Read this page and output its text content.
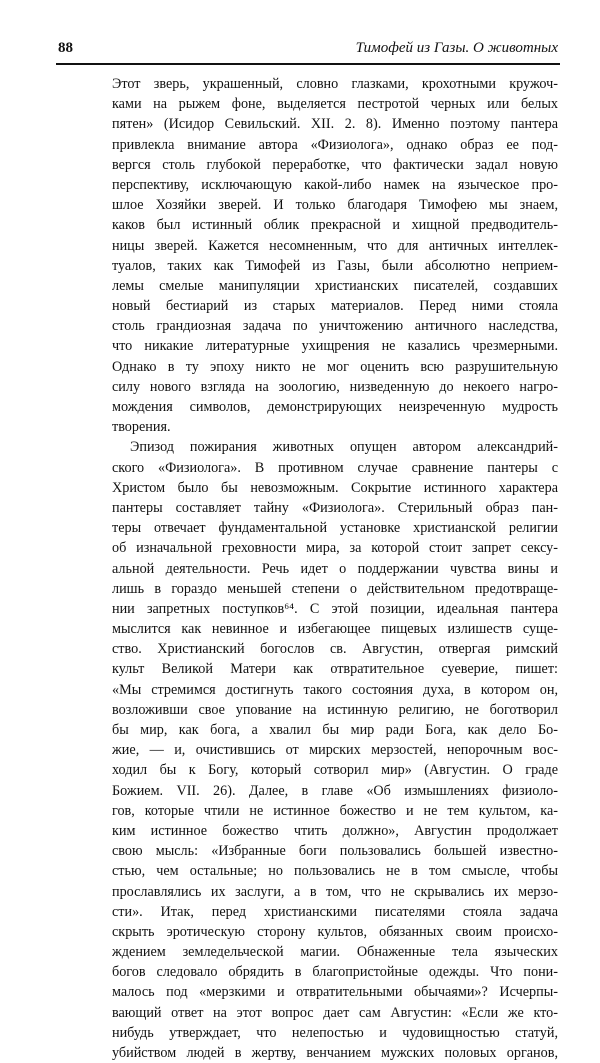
88	Тимофей из Газы. О животных
Этот зверь, украшенный, словно глазками, крохотными кружоч-
ками на рыжем фоне, выделяется пестротой черных или белых
пятен» (Исидор Севильский. XII. 2. 8). Именно поэтому пантера
привлекла внимание автора «Физиолога», однако образ ее под-
вергся столь глубокой переработке, что фактически задал новую
перспективу, исключающую какой-либо намек на языческое про-
шлое Хозяйки зверей. И только благодаря Тимофею мы знаем,
каков был истинный облик прекрасной и хищной предводитель-
ницы зверей. Кажется несомненным, что для античных интеллек-
туалов, таких как Тимофей из Газы, были абсолютно неприем-
лемы смелые манипуляции христианских писателей, создавших
новый бестиарий из старых материалов. Перед ними стояла
столь грандиозная задача по уничтожению античного наследства,
что никакие литературные ухищрения не казались чрезмерными.
Однако в ту эпоху никто не мог оценить всю разрушительную
силу нового взгляда на зоологию, низведенную до некоего нагро-
мождения символов, демонстрирующих неизреченную мудрость
творения.
Эпизод пожирания животных опущен автором александрий-
ского «Физиолога». В противном случае сравнение пантеры с
Христом было бы невозможным. Сокрытие истинного характера
пантеры составляет тайну «Физиолога». Стерильный образ пан-
теры отвечает фундаментальной установке христианской религии
об изначальной греховности мира, за которой стоит запрет сексу-
альной деятельности. Речь идет о поддержании чувства вины и
лишь в гораздо меньшей степени о действительном предотвраще-
нии запретных поступков⁶⁴. С этой позиции, идеальная пантера
мыслится как невинное и избегающее пищевых излишеств суще-
ство. Христианский богослов св. Августин, отвергая римский
культ Великой Матери как отвратительное суеверие, пишет:
«Мы стремимся достигнуть такого состояния духа, в котором он,
возложивши свое упование на истинную религию, не боготворил
бы мир, как бога, а хвалил бы мир ради Бога, как дело Бо-
жие, — и, очистившись от мирских мерзостей, непорочным вос-
ходил бы к Богу, который сотворил мир» (Августин. О граде
Божием. VII. 26). Далее, в главе «Об измышлениях физиоло-
гов, которые чтили не истинное божество и не тем культом, ка-
ким истинное божество чтить должно», Августин продолжает
свою мысль: «Избранные боги пользовались большей известно-
стью, чем остальные; но пользовались не в том смысле, чтобы
прославлялись их заслуги, а в том, что не скрывались их мерзо-
сти». Итак, перед христианскими писателями стояла задача
скрыть эротическую сторону культов, обязанных своим происхо-
ждением земледельческой магии. Обнаженные тела языческих
богов следовало обрядить в благопристойные одежды. Что пони-
малось под «мерзкими и отвратительными обычаями»? Исчерпы-
вающий ответ на этот вопрос дает сам Августин: «Если же кто-
нибудь утверждает, что нелепостью и чудовищностью статуй,
убийством людей в жертву, венчанием мужских половых органов,
